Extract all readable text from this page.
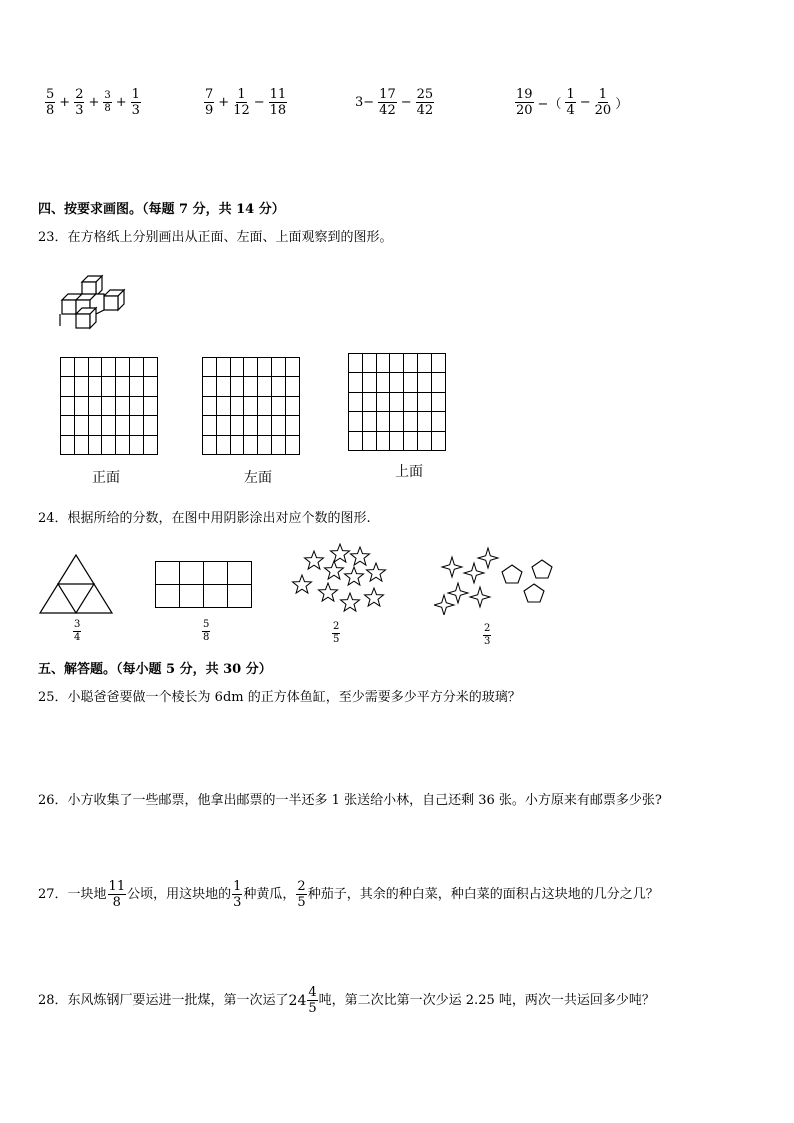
$\frac{5}{8} + \frac{2}{3} + \frac{3}{8} + \frac{1}{3}$	$\frac{7}{9} + \frac{1}{12} - \frac{11}{18}$	$3- \frac{17}{42} - \frac{25}{42}$	$\frac{19}{20}$ −（ $\frac{1}{4} - \frac{1}{20}$ ）
四、按要求画图。（每题 7 分，共 14 分）
23．在方格纸上分别画出从正面、左面、上面观察到的图形。

正面	左面	上面
24．根据所给的分数，在图中用阴影涂出对应个数的图形.

$\frac{3}{4}$	$\frac{5}{8}$	$\frac{2}{5}$	$\frac{2}{3}$
五、解答题。（每小题 5 分，共 30 分）
25．小聪爸爸要做一个棱长为 6dm 的正方体鱼缸，至少需要多少平方分米的玻璃？
26．小方收集了一些邮票，他拿出邮票的一半还多 1 张送给小林，自己还剩 36 张。小方原来有邮票多少张?
27．一块地 $\frac{11}{8}$ 公顷，用这块地的 $\frac{1}{3}$ 种黄瓜， $\frac{2}{5}$ 种茄子，其余的种白菜，种白菜的面积占这块地的几分之几？
28．东风炼钢厂要运进一批煤，第一次运了 $24 \frac{4}{5}$ 吨，第二次比第一次少运 2.25 吨，两次一共运回多少吨？
